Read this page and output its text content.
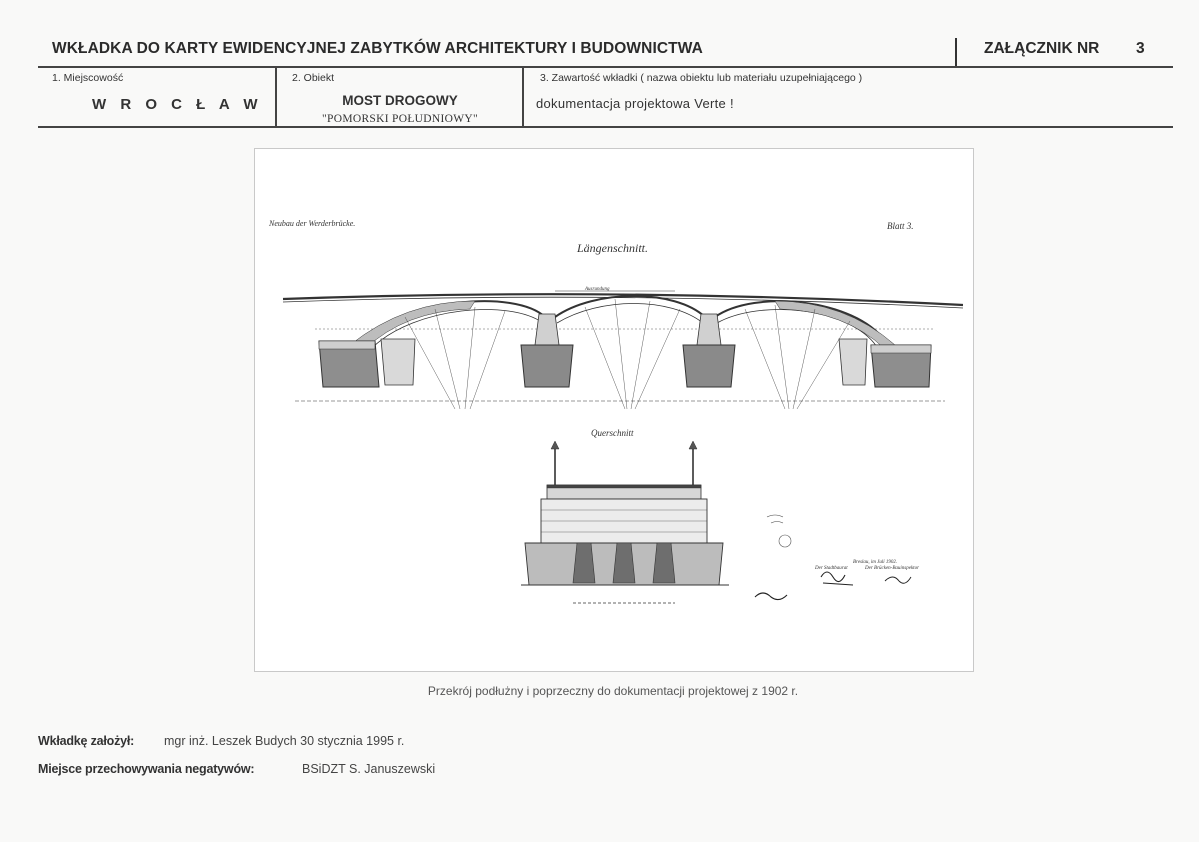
WKŁADKA DO KARTY EWIDENCYJNEJ ZABYTKÓW ARCHITEKTURY I BUDOWNICTWA	ZAŁĄCZNIK NR 3
1. Miejscowość
W R O C Ł A W
2. Obiekt
MOST DROGOWY
"POMORSKI POŁUDNIOWY"
3. Zawartość wkładki ( nazwa obiektu lub materiału uzupełniającego )
dokumentacja projektowa Verte !
Neubau der Werderbrücke.	Blatt 3.
Längenschnitt.
Ausrundung
Querschnitt
Breslau, im Juli 1902.
Der Stadtbaurat	Der Brücken-Bauinspektor
Przekrój podłużny i poprzeczny do dokumentacji projektowej z 1902 r.
Wkładkę założył: mgr inż. Leszek Budych 30 stycznia 1995 r.
Miejsce przechowywania negatywów:	BSiDZT S. Januszewski
